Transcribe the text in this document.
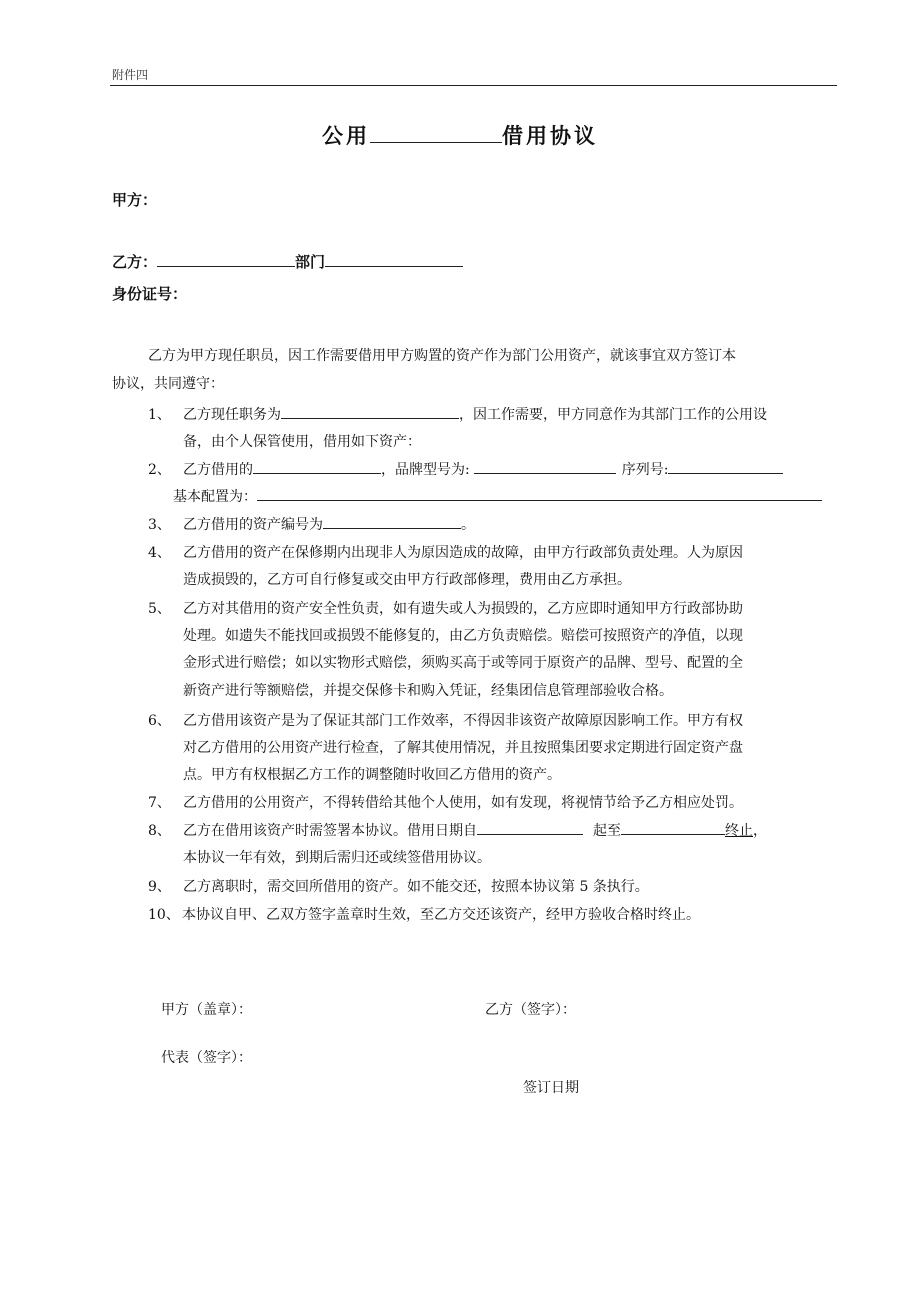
附件四
公用	借用协议
甲方：
乙方：	部门
身份证号：
乙方为甲方现任职员，因工作需要借用甲方购置的资产作为部门公用资产，就该事宜双方签订本
协议，共同遵守：
1、 乙方现任职务为	，因工作需要，甲方同意作为其部门工作的公用设
备，由个人保管使用，借用如下资产：
2、 乙方借用的	，品牌型号为:	序列号:
基本配置为：
3、 乙方借用的资产编号为	。
4、 乙方借用的资产在保修期内出现非人为原因造成的故障，由甲方行政部负责处理。人为原因
造成损毁的，乙方可自行修复或交由甲方行政部修理，费用由乙方承担。
5、 乙方对其借用的资产安全性负责，如有遗失或人为损毁的，乙方应即时通知甲方行政部协助
处理。如遗失不能找回或损毁不能修复的，由乙方负责赔偿。赔偿可按照资产的净值，以现
金形式进行赔偿；如以实物形式赔偿，须购买高于或等同于原资产的品牌、型号、配置的全
新资产进行等额赔偿，并提交保修卡和购入凭证，经集团信息管理部验收合格。
6、 乙方借用该资产是为了保证其部门工作效率，不得因非该资产故障原因影响工作。甲方有权
对乙方借用的公用资产进行检查，了解其使用情况，并且按照集团要求定期进行固定资产盘
点。甲方有权根据乙方工作的调整随时收回乙方借用的资产。
7、 乙方借用的公用资产，不得转借给其他个人使用，如有发现，将视情节给予乙方相应处罚。
8、 乙方在借用该资产时需签署本协议。借用日期自	起至	终止，
本协议一年有效，到期后需归还或续签借用协议。
9、 乙方离职时，需交回所借用的资产。如不能交还，按照本协议第 5 条执行。
10、 本协议自甲、乙双方签字盖章时生效，至乙方交还该资产，经甲方验收合格时终止。
甲方（盖章）：	乙方（签字）：
代表（签字）：
签订日期
